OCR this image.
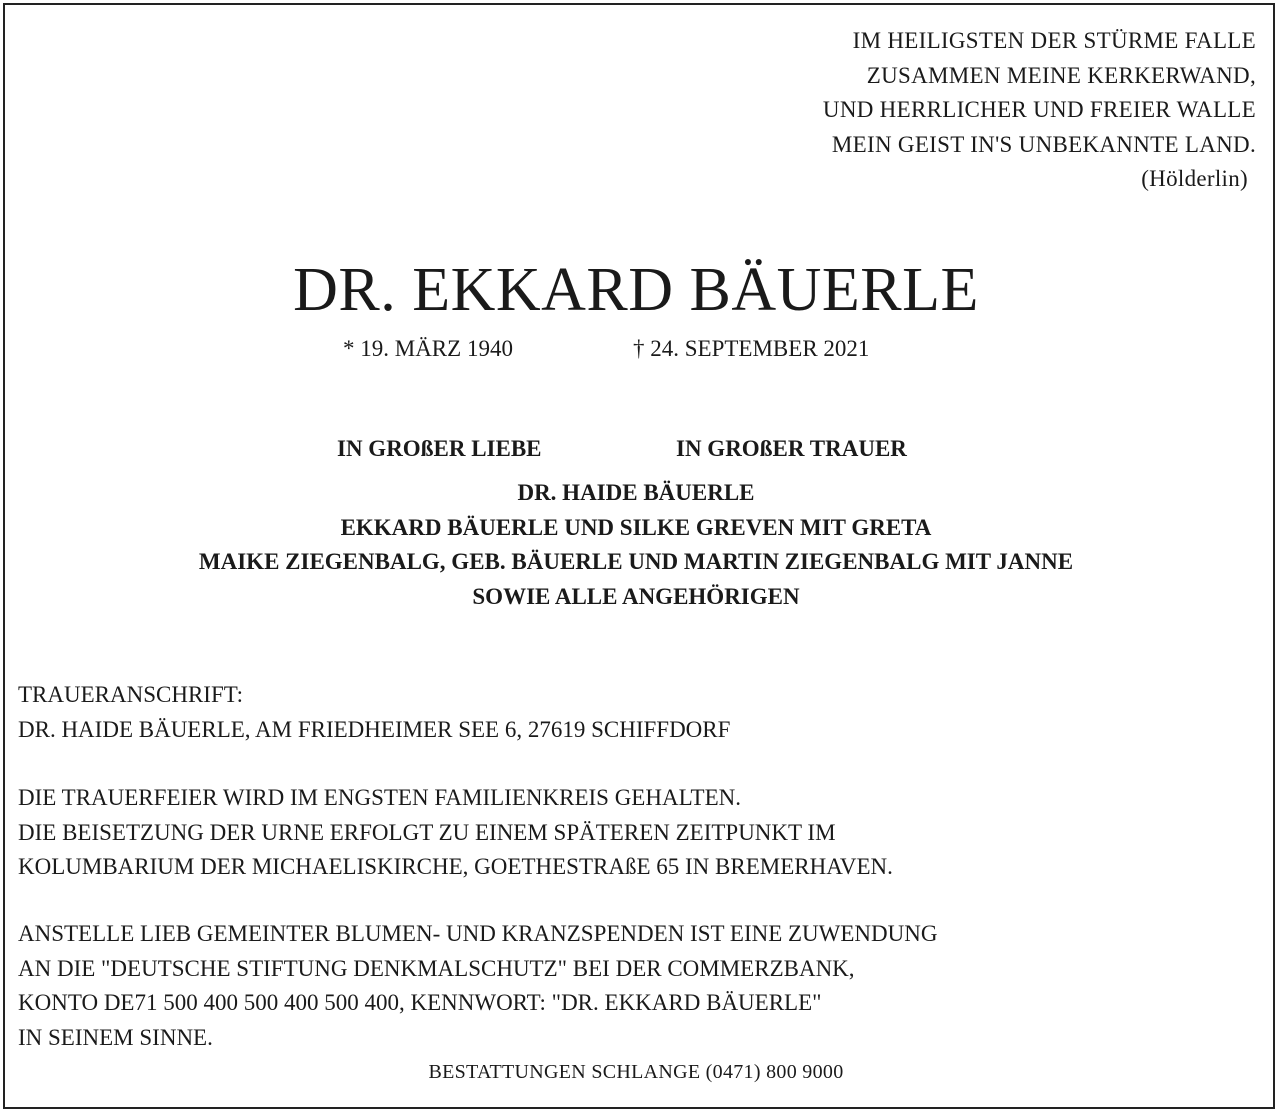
IM HEILIGSTEN DER STÜRME FALLE
ZUSAMMEN MEINE KERKERWAND,
UND HERRLICHER UND FREIER WALLE
MEIN GEIST IN'S UNBEKANNTE LAND.
(Hölderlin)
DR. EKKARD BÄUERLE
* 19. MÄRZ 1940	† 24. SEPTEMBER 2021
IN GROßER LIEBE	IN GROßER TRAUER
DR. HAIDE BÄUERLE
EKKARD BÄUERLE UND SILKE GREVEN MIT GRETA
MAIKE ZIEGENBALG, GEB. BÄUERLE UND MARTIN ZIEGENBALG MIT JANNE
SOWIE ALLE ANGEHÖRIGEN
TRAUERANSCHRIFT:
DR. HAIDE BÄUERLE, AM FRIEDHEIMER SEE 6, 27619 SCHIFFDORF
DIE TRAUERFEIER WIRD IM ENGSTEN FAMILIENKREIS GEHALTEN.
DIE BEISETZUNG DER URNE ERFOLGT ZU EINEM SPÄTEREN ZEITPUNKT IM
KOLUMBARIUM DER MICHAELISKIRCHE, GOETHESTRAßE 65 IN BREMERHAVEN.
ANSTELLE LIEB GEMEINTER BLUMEN- UND KRANZSPENDEN IST EINE ZUWENDUNG
AN DIE "DEUTSCHE STIFTUNG DENKMALSCHUTZ" BEI DER COMMERZBANK,
KONTO DE71 500 400 500 400 500 400, KENNWORT: "DR. EKKARD BÄUERLE"
IN SEINEM SINNE.
BESTATTUNGEN SCHLANGE (0471) 800 9000
